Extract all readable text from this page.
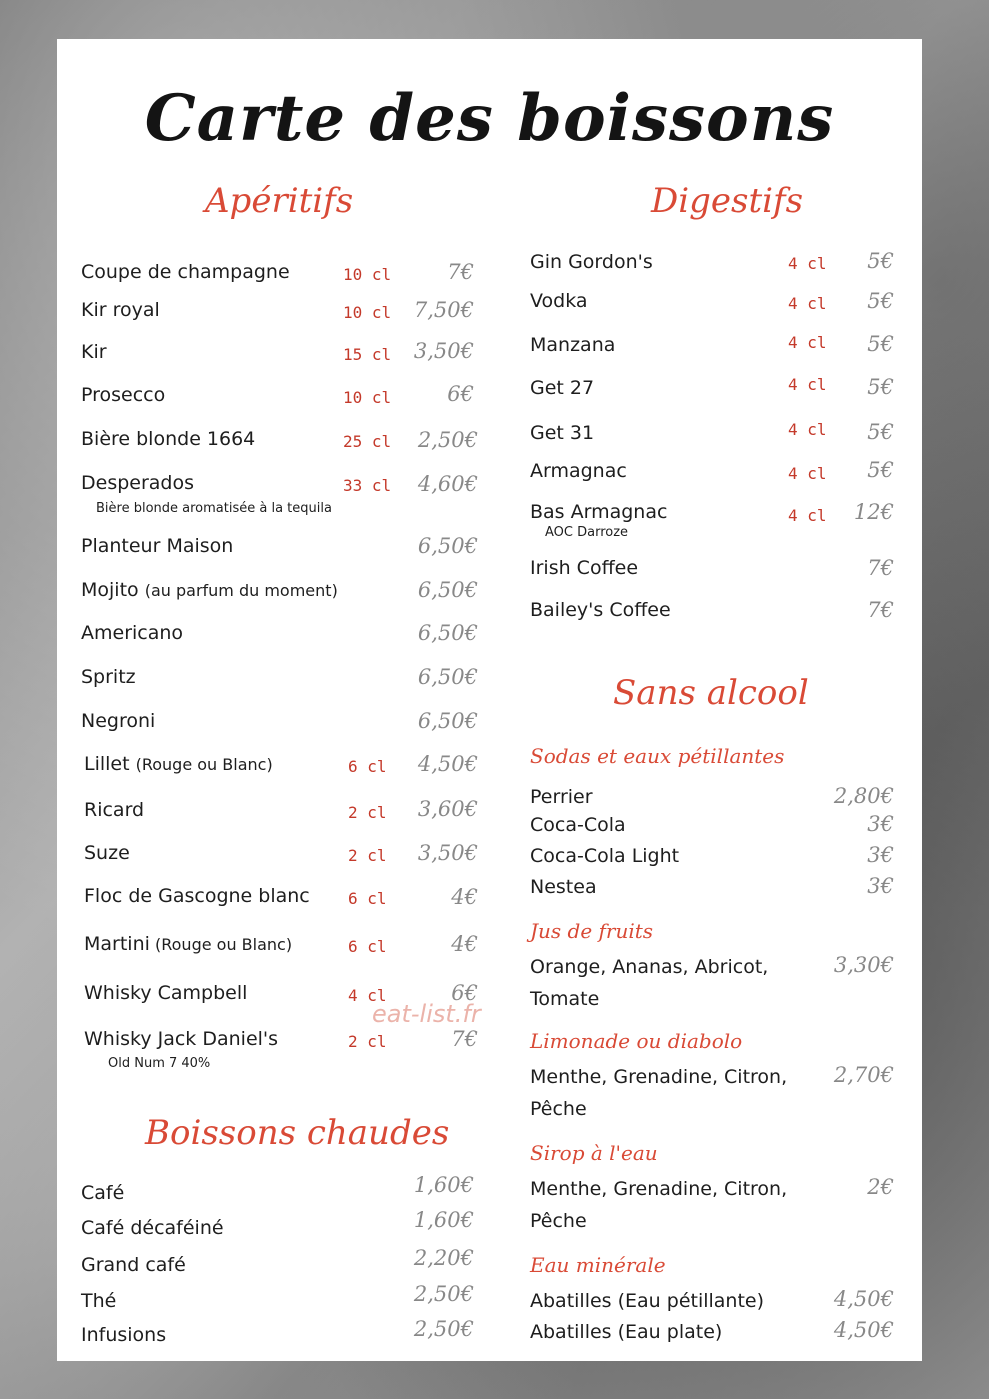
Carte des boissons
Apéritifs
Coupe de champagne	10 cl	7€
Kir royal	10 cl 7,50€
Kir	15 cl 3,50€
Prosecco	10 cl	6€
Bière blonde 1664	25 cl 2,50€
Desperados	33 cl 4,60€
Bière blonde aromatisée à la tequila
Planteur Maison	6,50€
Mojito (au parfum du moment)	6,50€
Americano	6,50€
Spritz	6,50€
Negroni	6,50€
Lillet (Rouge ou Blanc)	6 cl 4,50€
Ricard	2 cl 3,60€
Suze	2 cl 3,50€
Floc de Gascogne blanc 6 cl	4€
Martini (Rouge ou Blanc)	6 cl	4€
Whisky Campbell	4 cl	6€
Whisky Jack Daniel's	2 cl	7€
Old Num 7 40%
Boissons chaudes
Café	1,60€
Café décaféiné	1,60€
Grand café	2,20€
Thé	2,50€
Infusions	2,50€
Digestifs
Gin Gordon's	4 cl 5€
Vodka	4 cl 5€
Manzana	4 cl 5€
Get 27	4 cl 5€
Get 31	4 cl 5€
Armagnac	4 cl 5€
Bas Armagnac	4 cl 12€
AOC Darroze
Irish Coffee	7€
Bailey's Coffee	7€
Sans alcool
Sodas et eaux pétillantes
Perrier	2,80€
Coca-Cola	3€
Coca-Cola Light	3€
Nestea	3€
Jus de fruits
Orange, Ananas, Abricot,
Tomate
3,30€
Limonade ou diabolo
Menthe, Grenadine, Citron,
Pêche
2,70€
Sirop à l'eau
Menthe, Grenadine, Citron,
Pêche
2€
Eau minérale
Abatilles (Eau pétillante)	4,50€
Abatilles (Eau plate)	4,50€
eat-list.fr
